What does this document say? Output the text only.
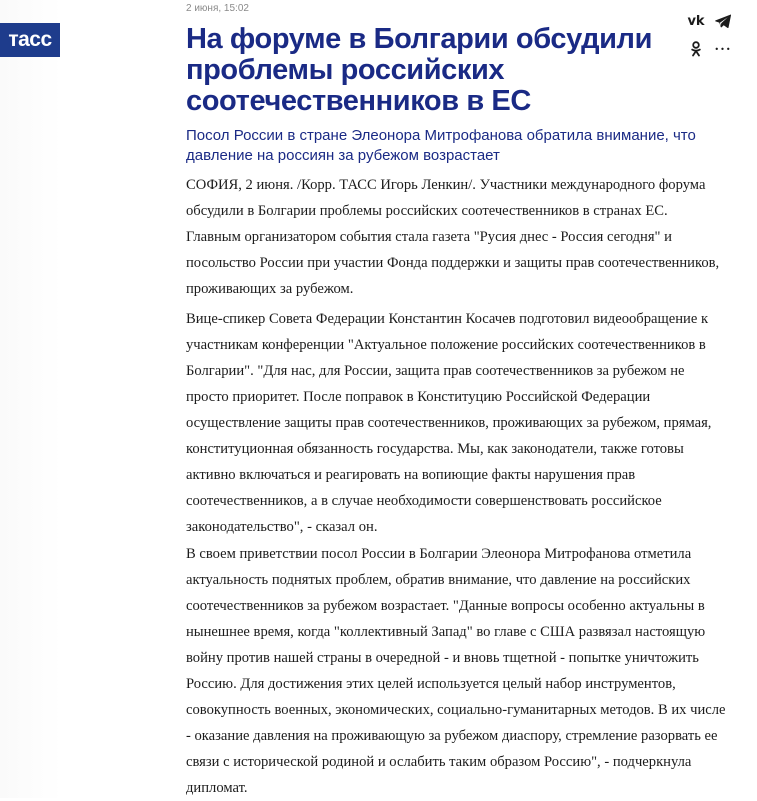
тасс
2 июня, 15:02
На форуме в Болгарии обсудили проблемы российских соотечественников в ЕС

Посол России в стране Элеонора Митрофанова обратила внимание, что давление на россиян за рубежом возрастает

СОФИЯ, 2 июня. /Корр. ТАСС Игорь Ленкин/. Участники международного форума обсудили в Болгарии проблемы российских соотечественников в странах ЕС. Главным организатором события стала газета "Русия днес - Россия сегодня" и посольство России при участии Фонда поддержки и защиты прав соотечественников, проживающих за рубежом.

Вице-спикер Совета Федерации Константин Косачев подготовил видеообращение к участникам конференции "Актуальное положение российских соотечественников в Болгарии". "Для нас, для России, защита прав соотечественников за рубежом не просто приоритет. После поправок в Конституцию Российской Федерации осуществление защиты прав соотечественников, проживающих за рубежом, прямая, конституционная обязанность государства. Мы, как законодатели, также готовы активно включаться и реагировать на вопиющие факты нарушения прав соотечественников, а в случае необходимости совершенствовать российское законодательство", - сказал он.

В своем приветствии посол России в Болгарии Элеонора Митрофанова отметила актуальность поднятых проблем, обратив внимание, что давление на российских соотечественников за рубежом возрастает. "Данные вопросы особенно актуальны в нынешнее время, когда "коллективный Запад" во главе с США развязал настоящую войну против нашей страны в очередной - и вновь тщетной - попытке уничтожить Россию. Для достижения этих целей используется целый набор инструментов, совокупность военных, экономических, социально-гуманитарных методов. В их числе - оказание давления на проживающую за рубежом диаспору, стремление разорвать ее связи с исторической родиной и ослабить таким образом Россию", - подчеркнула дипломат.

vk
•••
